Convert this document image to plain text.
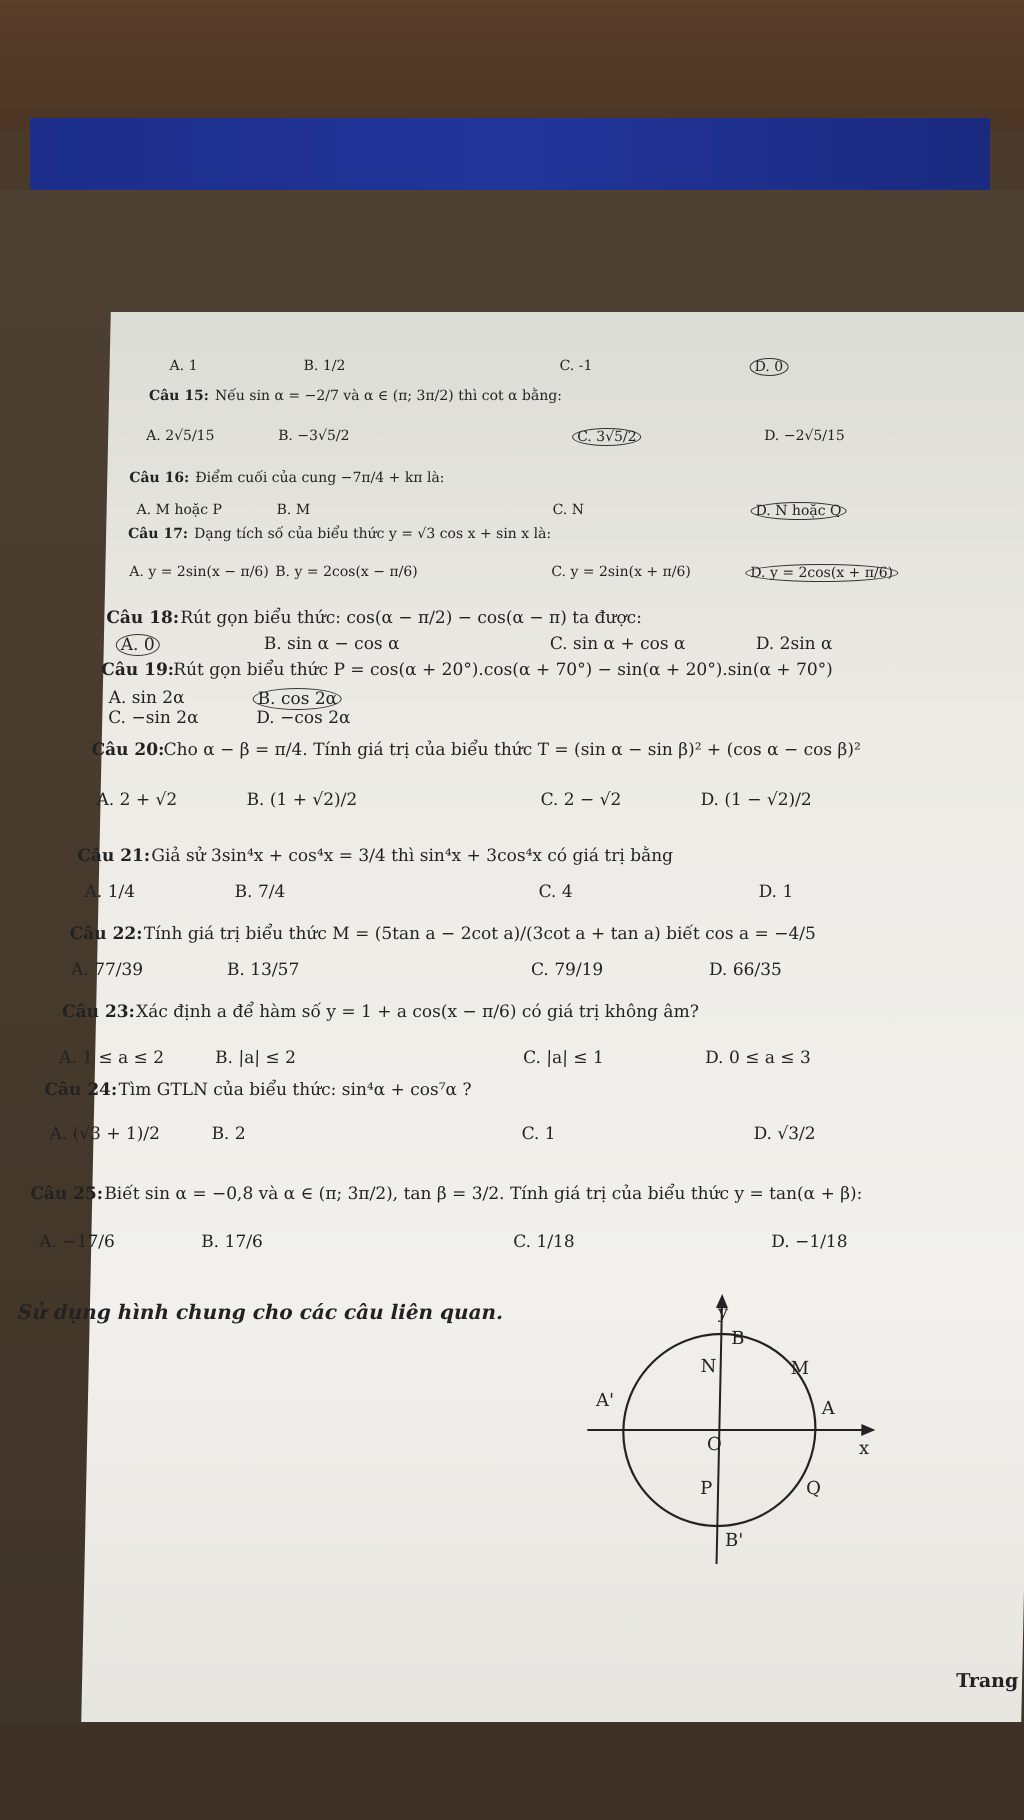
A. 1	B. 1/2	C. -1	D. 0
Câu 15: Nếu sin α = −2/7 và α ∈ (π; 3π/2) thì cot α bằng:
A. 2√5/15	B. −3√5/2	C. 3√5/2	D. −2√5/15
Câu 16: Điểm cuối của cung −7π/4 + kπ là:
A. M hoặc P	B. M	C. N	D. N hoặc Q
Câu 17: Dạng tích số của biểu thức y = √3 cos x + sin x là:
A. y = 2sin(x − π/6) B. y = 2cos(x − π/6)	C. y = 2sin(x + π/6)	D. y = 2cos(x + π/6)
Câu 18: Rút gọn biểu thức: cos(α − π/2) − cos(α − π) ta được:
A. 0	B. sin α − cos α	C. sin α + cos α	D. 2sin α
Câu 19:
Rút gọn biểu thức P = cos(α + 20°).cos(α + 70°) − sin(α + 20°).sin(α + 70°)
A. sin 2α	B. cos 2α
C. −sin 2α	D. −cos 2α
Câu 20:
Cho α − β = π/4. Tính giá trị của biểu thức T = (sin α − sin β)² + (cos α − cos β)²
A. 2 + √2	B. (1 + √2)/2	C. 2 − √2	D. (1 − √2)/2
Câu 21: Giả sử 3sin⁴x + cos⁴x = 3/4 thì sin⁴x + 3cos⁴x có giá trị bằng
A. 1/4	B. 7/4	C. 4	D. 1
Câu 22: Tính giá trị biểu thức M = (5tan a − 2cot a)/(3cot a + tan a) biết cos a = −4/5
A. 77/39	B. 13/57	C. 79/19	D. 66/35
Câu 23: Xác định a để hàm số y = 1 + a cos(x − π/6) có giá trị không âm?
A. 1 ≤ a ≤ 2	B. |a| ≤ 2	C. |a| ≤ 1	D. 0 ≤ a ≤ 3
Câu 24: Tìm GTLN của biểu thức: sin⁴α + cos⁷α ?
A. (√3 + 1)/2	B. 2	C. 1	D. √3/2
Câu 25: Biết sin α = −0,8 và α ∈ (π; 3π/2), tan β = 3/2. Tính giá trị của biểu thức y = tan(α + β):
A. −17/6	B. 17/6	C. 1/18	D. −1/18
Sử dụng hình chung cho các câu liên quan.	y
x
B
N	M
A'	A
O
P	Q
B'
Trang
